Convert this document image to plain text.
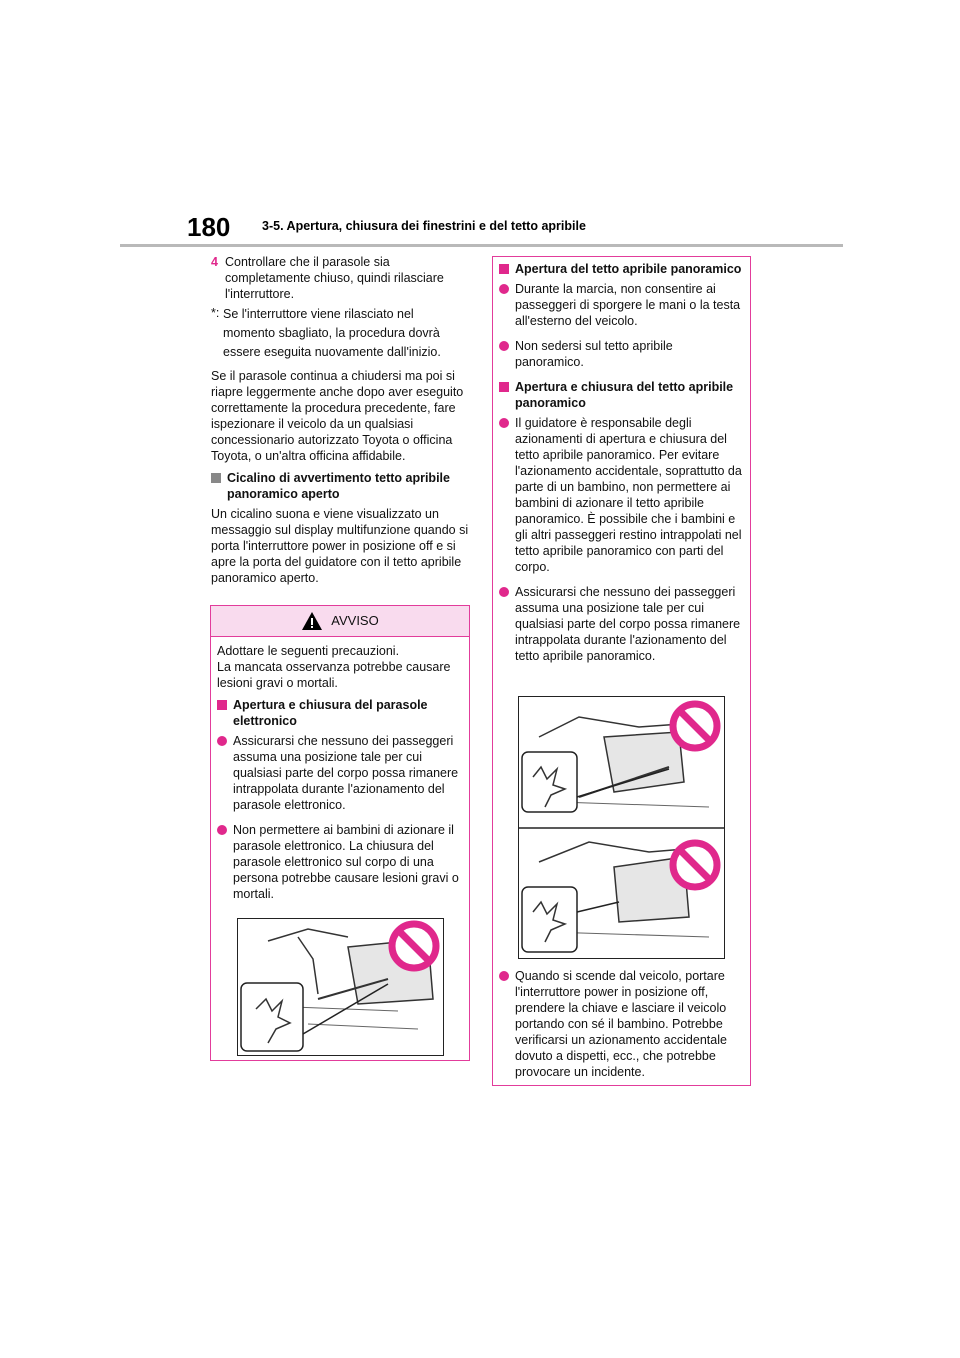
180	3-5. Apertura, chiusura dei finestrini e del tetto apribile
4 Controllare che il parasole sia completamente chiuso, quindi rilasciare l'interruttore.
*: Se l'interruttore viene rilasciato nel momento sbagliato, la procedura dovrà essere eseguita nuovamente dall'inizio.

Se il parasole continua a chiudersi ma poi si riapre leggermente anche dopo aver eseguito correttamente la procedura precedente, fare ispezionare il veicolo da un qualsiasi concessionario autorizzato Toyota o officina Toyota, o un'altra officina affidabile.

Cicalino di avvertimento tetto apribile panoramico aperto

Un cicalino suona e viene visualizzato un messaggio sul display multifunzione quando si porta l'interruttore power in posizione off e si apre la porta del guidatore con il tetto apribile panoramico aperto.

AVVISO

Adottare le seguenti precauzioni.
La mancata osservanza potrebbe causare lesioni gravi o mortali.

Apertura e chiusura del parasole elettronico
Assicurarsi che nessuno dei passeggeri assuma una posizione tale per cui qualsiasi parte del corpo possa rimanere intrappolata durante l'azionamento del parasole elettronico.
Non permettere ai bambini di azionare il parasole elettronico. La chiusura del parasole elettronico sul corpo di una persona potrebbe causare lesioni gravi o mortali.
Apertura del tetto apribile panoramico
Durante la marcia, non consentire ai passeggeri di sporgere le mani o la testa all'esterno del veicolo.
Non sedersi sul tetto apribile panoramico.
Apertura e chiusura del tetto apribile panoramico
Il guidatore è responsabile degli azionamenti di apertura e chiusura del tetto apribile panoramico. Per evitare l'azionamento accidentale, soprattutto da parte di un bambino, non permettere ai bambini di azionare il tetto apribile panoramico. È possibile che i bambini e gli altri passeggeri restino intrappolati nel tetto apribile panoramico con parti del corpo.
Assicurarsi che nessuno dei passeggeri assuma una posizione tale per cui qualsiasi parte del corpo possa rimanere intrappolata durante l'azionamento del tetto apribile panoramico.
Quando si scende dal veicolo, portare l'interruttore power in posizione off, prendere la chiave e lasciare il veicolo portando con sé il bambino. Potrebbe verificarsi un azionamento accidentale dovuto a dispetti, ecc., che potrebbe provocare un incidente.
